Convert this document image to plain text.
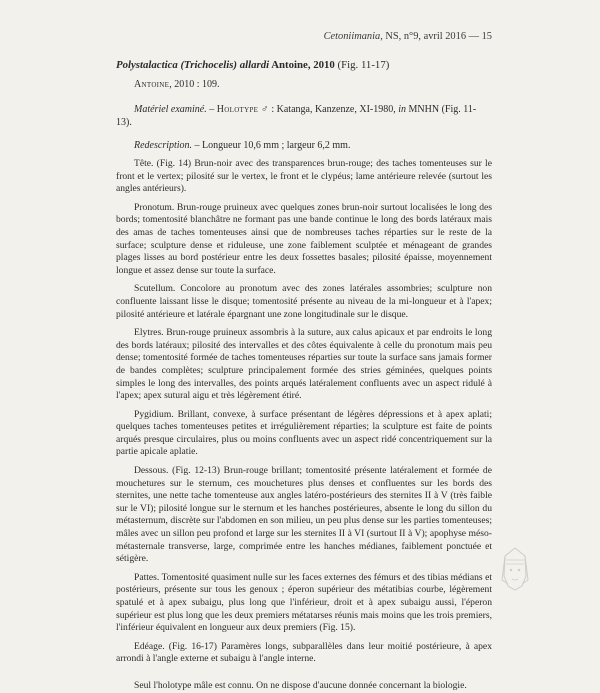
Cetoniimania, NS, n°9, avril 2016 — 15
Polystalactica (Trichocelis) allardi Antoine, 2010 (Fig. 11-17)
Antoine, 2010 : 109.
Matériel examiné. – Holotype ♂ : Katanga, Kanzenze, XI-1980, in MNHN (Fig. 11-13).
Redescription. – Longueur 10,6 mm ; largeur 6,2 mm.

Tête. (Fig. 14) Brun-noir avec des transparences brun-rouge; des taches tomenteuses sur le front et le vertex; pilosité sur le vertex, le front et le clypéus; lame antérieure relevée (surtout les angles antérieurs).

Pronotum. Brun-rouge pruineux avec quelques zones brun-noir surtout localisées le long des bords; tomentosité blanchâtre ne formant pas une bande continue le long des bords latéraux mais des amas de taches tomenteuses ainsi que de nombreuses taches réparties sur le reste de la surface; sculpture dense et riduleuse, une zone faiblement sculptée et ménageant de grandes plages lisses au bord postérieur entre les deux fossettes basales; pilosité épaisse, moyennement longue et assez dense sur toute la surface.

Scutellum. Concolore au pronotum avec des zones latérales assombries; sculpture non confluente laissant lisse le disque; tomentosité présente au niveau de la mi-longueur et à l'apex; pilosité antérieure et latérale épargnant une zone longitudinale sur le disque.

Elytres. Brun-rouge pruineux assombris à la suture, aux calus apicaux et par endroits le long des bords latéraux; pilosité des intervalles et des côtes équivalente à celle du pronotum mais peu dense; tomentosité formée de taches tomenteuses réparties sur toute la surface sans jamais former de bandes complètes; sculpture principalement formée des stries géminées, quelques points simples le long des intervalles, des points arqués latéralement confluents avec un aspect ridulé à l'apex; apex sutural aigu et très légèrement étiré.

Pygidium. Brillant, convexe, à surface présentant de légères dépressions et à apex aplati; quelques taches tomenteuses petites et irrégulièrement réparties; la sculpture est faite de points arqués presque circulaires, plus ou moins confluents avec un aspect ridé concentriquement sur la partie apicale aplatie.

Dessous. (Fig. 12-13) Brun-rouge brillant; tomentosité présente latéralement et formée de mouchetures sur le sternum, ces mouchetures plus denses et confluentes sur les bords des sternites, une nette tache tomenteuse aux angles latéro-postérieurs des sternites II à V (très faible sur le VI); pilosité longue sur le sternum et les hanches postérieures, absente le long du sillon du métasternum, discrète sur l'abdomen en son milieu, un peu plus dense sur les parties tomenteuses; mâles avec un sillon peu profond et large sur les sternites II à VI (surtout II à V); apophyse méso-métasternale transverse, large, comprimée entre les hanches médianes, faiblement ponctuée et sétigère.

Pattes. Tomentosité quasiment nulle sur les faces externes des fémurs et des tibias médians et postérieurs, présente sur tous les genoux ; éperon supérieur des métatibias courbe, légèrement spatulé et à apex subaigu, plus long que l'inférieur, droit et à apex subaigu aussi, l'éperon supérieur est plus long que les deux premiers métatarses réunis mais moins que les trois premiers, l'inférieur équivalent en longueur aux deux premiers (Fig. 15).

Edéage. (Fig. 16-17) Paramères longs, subparallèles dans leur moitié postérieure, à apex arrondi à l'angle externe et subaigu à l'angle interne.

Seul l'holotype mâle est connu. On ne dispose d'aucune donnée concernant la biologie.
